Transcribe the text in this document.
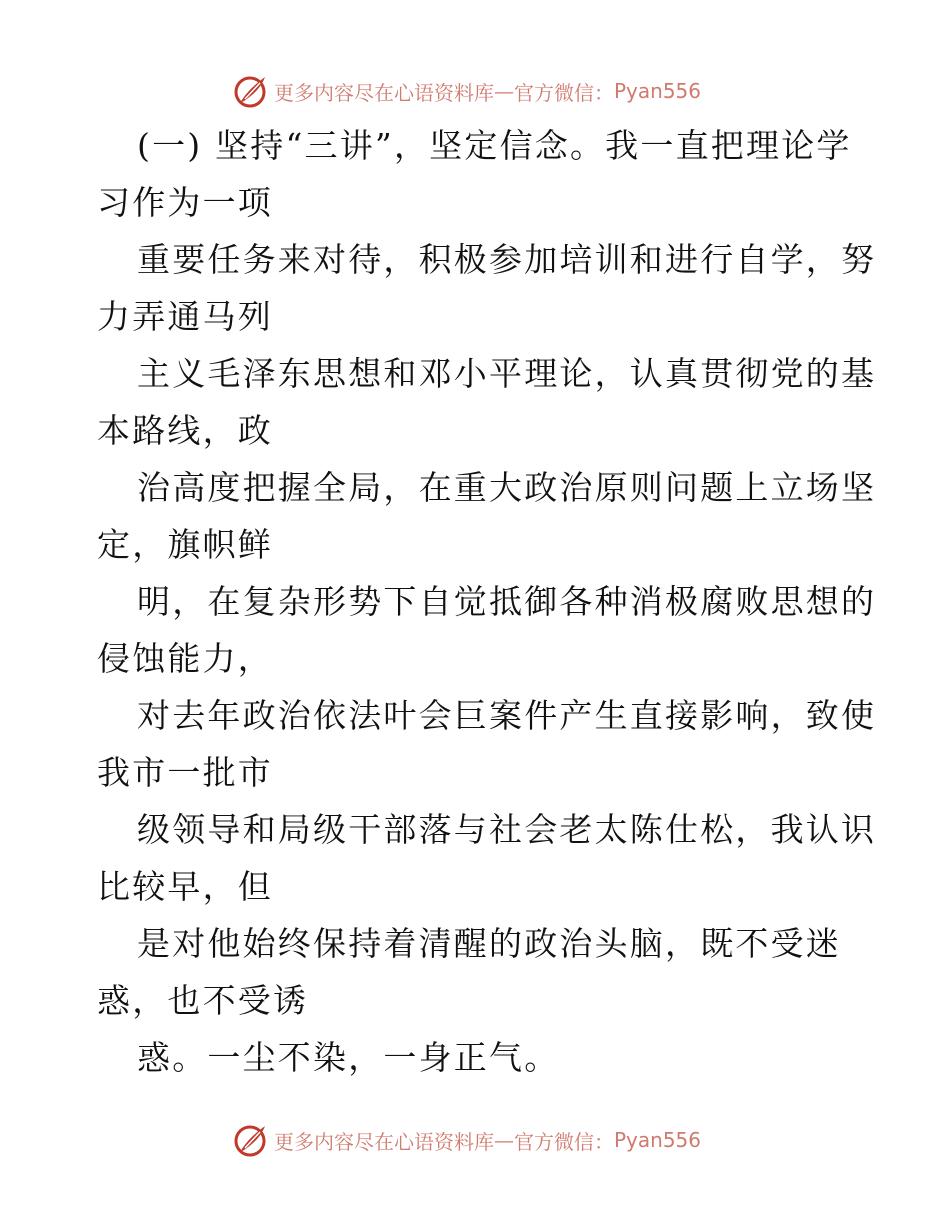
更多内容尽在心语资料库 — 官方微信： Pyan556

(一) 坚持“三讲”，坚定信念。我一直把理论学
习作为一项

重要任务来对待，积极参加培训和进行自学，努
力弄通马列

主义毛泽东思想和邓小平理论，认真贯彻党的基
本路线，政

治高度把握全局，在重大政治原则问题上立场坚
定，旗帜鲜

明，在复杂形势下自觉抵御各种消极腐败思想的
侵蚀能力，

对去年政治依法叶会巨案件产生直接影响，致使
我市一批市

级领导和局级干部落与社会老太陈仕松，我认识
比较早，但

是对他始终保持着清醒的政治头脑，既不受迷
惑，也不受诱

惑。一尘不染，一身正气。

更多内容尽在心语资料库 — 官方微信： Pyan556
